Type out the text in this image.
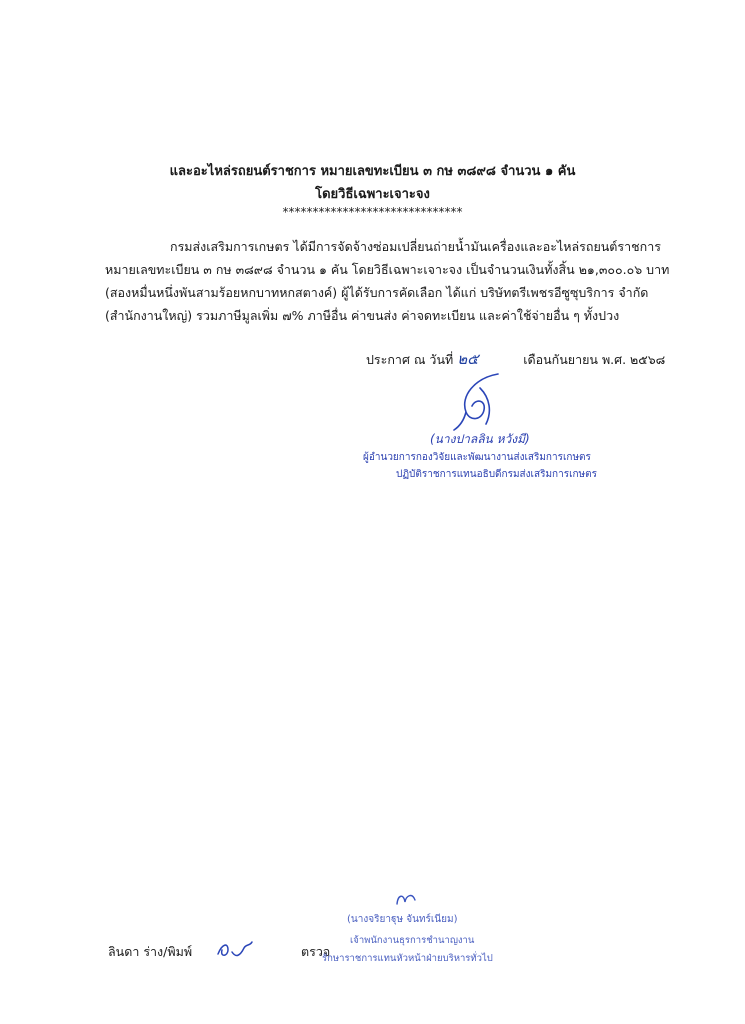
และอะไหล่รถยนต์ราชการ หมายเลขทะเบียน ๓ กษ ๓๘๙๘ จำนวน ๑ คัน
โดยวิธีเฉพาะเจาะจง
******************************
กรมส่งเสริมการเกษตร ได้มีการจัดจ้างซ่อมเปลี่ยนถ่ายน้ำมันเครื่องและอะไหล่รถยนต์ราชการ
หมายเลขทะเบียน ๓ กษ ๓๘๙๘ จำนวน ๑ คัน โดยวิธีเฉพาะเจาะจง เป็นจำนวนเงินทั้งสิ้น ๒๑,๓๐๐.๐๖ บาท
(สองหมื่นหนึ่งพันสามร้อยหกบาทหกสตางค์) ผู้ได้รับการคัดเลือก ได้แก่ บริษัทตรีเพชรอีซูซุบริการ จำกัด
(สำนักงานใหญ่) รวมภาษีมูลเพิ่ม ๗% ภาษีอื่น ค่าขนส่ง ค่าจดทะเบียน และค่าใช้จ่ายอื่น ๆ ทั้งปวง
ประกาศ ณ วันที่ ๒๕	เดือนกันยายน พ.ศ. ๒๕๖๘
(นางปาลลิน หวังมี)
ผู้อำนวยการกองวิจัยและพัฒนางานส่งเสริมการเกษตร
ปฏิบัติราชการแทนอธิบดีกรมส่งเสริมการเกษตร
ลินดา ร่าง/พิมพ์	ตรวจ
(นางจริยาฐุษ จันทร์เนียม)
เจ้าพนักงานธุรการชำนาญงาน
รักษาราชการแทนหัวหน้าฝ่ายบริหารทั่วไป
